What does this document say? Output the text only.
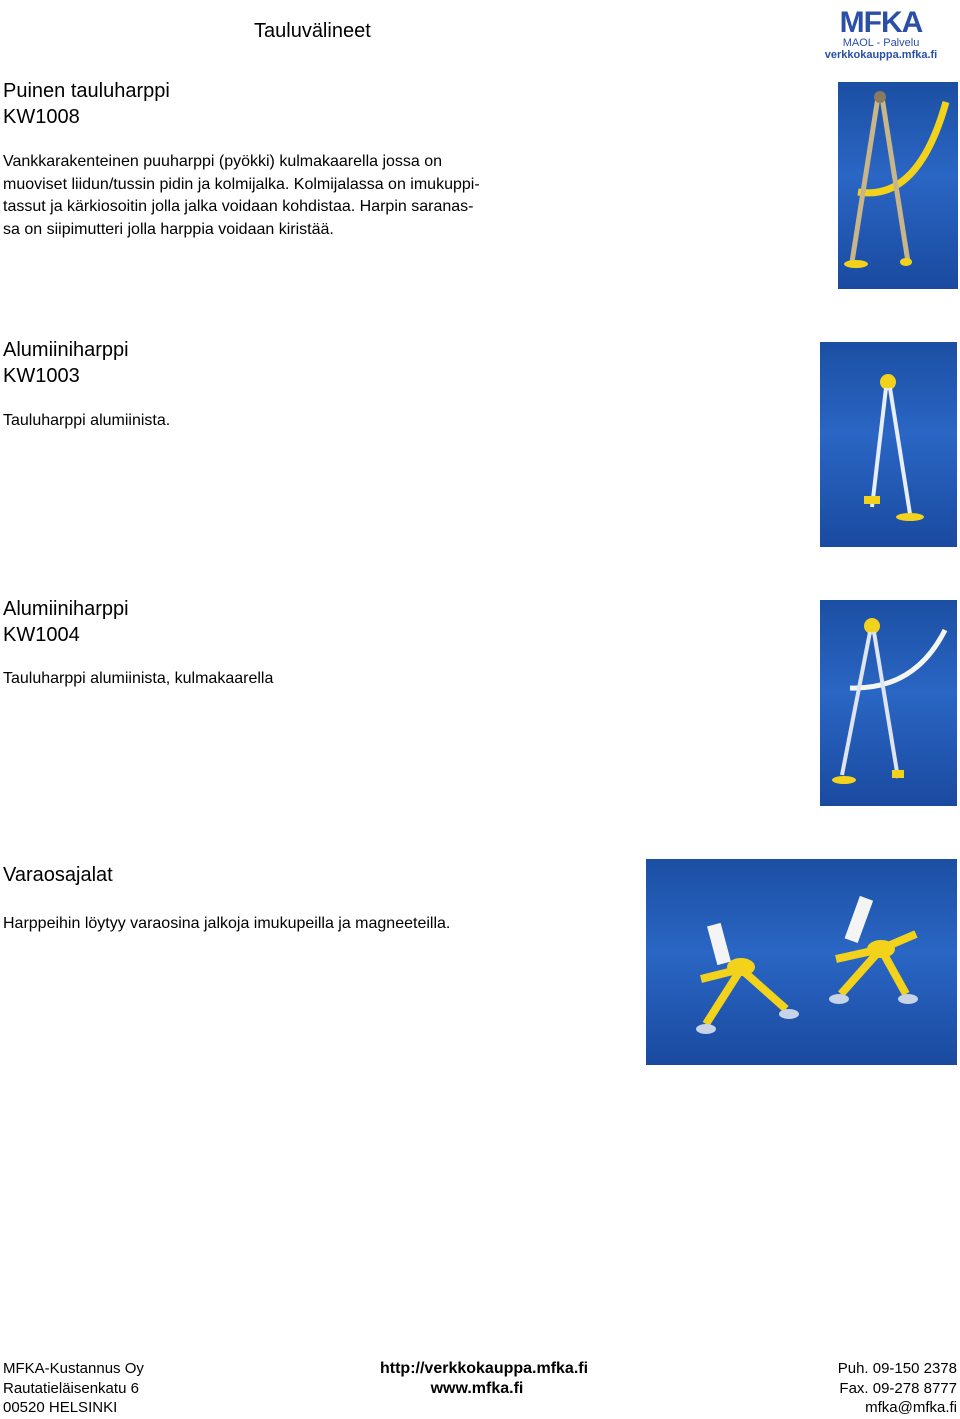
Tauluvälineet	MFKA
MAOL - Palvelu
verkkokauppa.mfka.fi
Puinen tauluharppi
KW1008
Vankkarakenteinen puuharppi (pyökki) kulmakaarella jossa on
muoviset liidun/tussin pidin ja kolmijalka. Kolmijalassa on imukuppi-
tassut ja kärkiosoitin jolla jalka voidaan kohdistaa. Harpin saranas-
sa on siipimutteri jolla harppia voidaan kiristää.
Alumiiniharppi
KW1003
Tauluharppi alumiinista.
Alumiiniharppi
KW1004
Tauluharppi alumiinista, kulmakaarella
Varaosajalat
Harppeihin löytyy varaosina jalkoja imukupeilla ja magneeteilla.
MFKA-Kustannus Oy
Rautatieläisenkatu 6
00520 HELSINKI
http://verkkokauppa.mfka.fi
www.mfka.fi
Puh. 09-150 2378
Fax. 09-278 8777
mfka@mfka.fi
